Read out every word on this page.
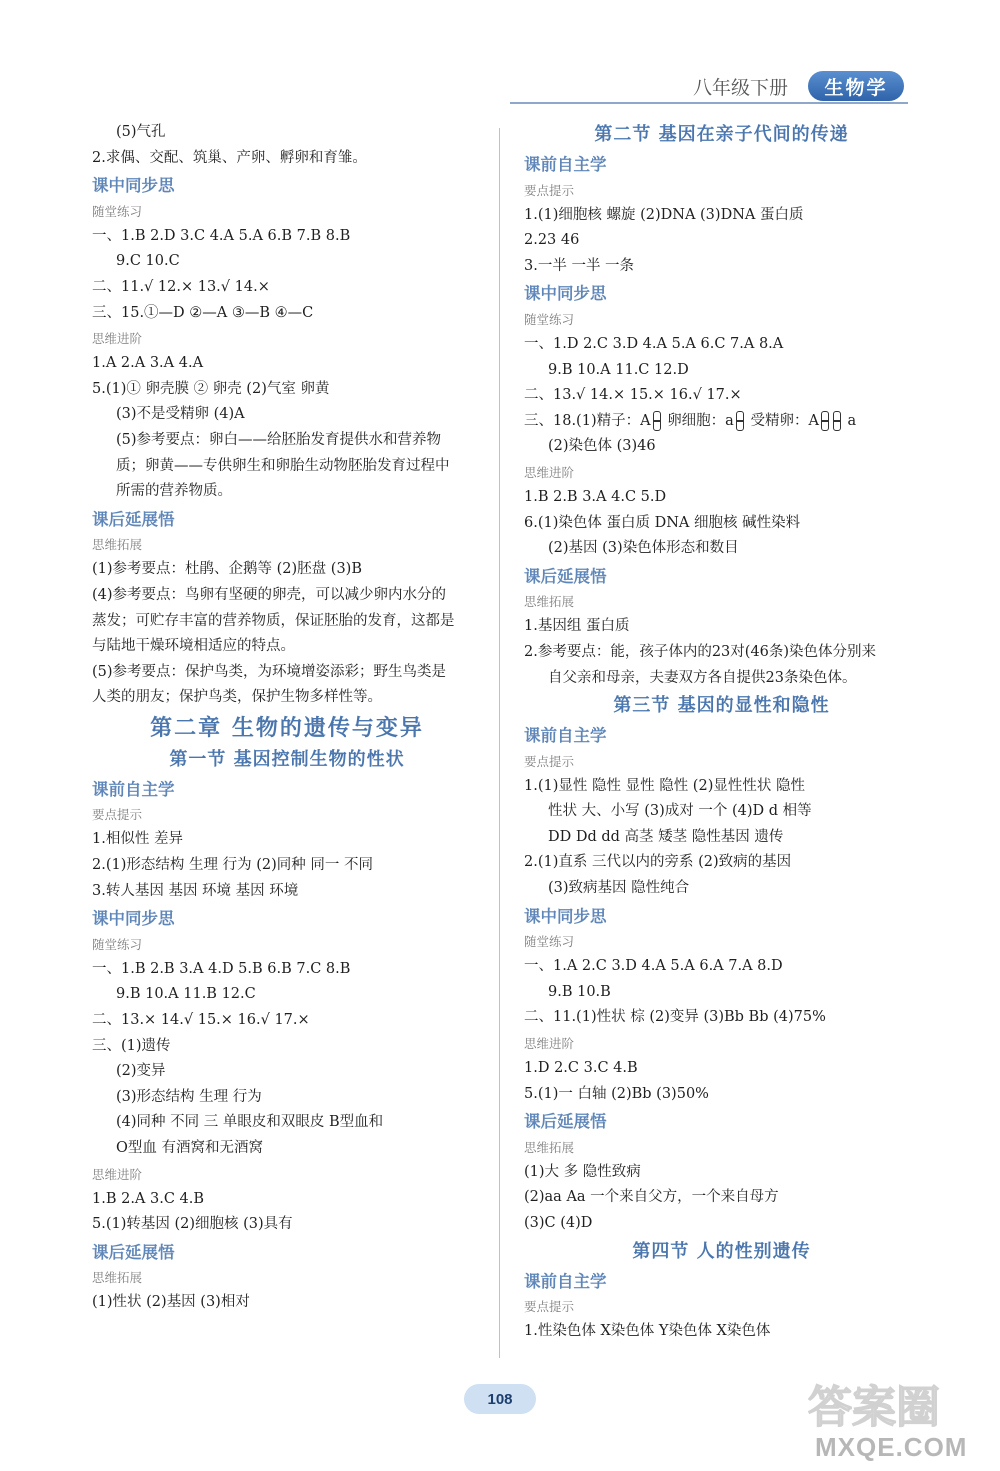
八年级下册	生物学
(5)气孔
2.求偶、交配、筑巢、产卵、孵卵和育雏。
课中同步思
随堂练习
一、1.B 2.D 3.C 4.A 5.A 6.B 7.B 8.B
9.C 10.C
二、11.√ 12.× 13.√ 14.×
三、15.①—D ②—A ③—B ④—C
思维进阶
1.A 2.A 3.A 4.A
5.(1)① 卵壳膜 ② 卵壳 (2)气室 卵黄
(3)不是受精卵 (4)A
(5)参考要点：卵白——给胚胎发育提供水和营养物
质；卵黄——专供卵生和卵胎生动物胚胎发育过程中
所需的营养物质。
课后延展悟
思维拓展
(1)参考要点：杜鹃、企鹅等 (2)胚盘 (3)B
(4)参考要点：鸟卵有坚硬的卵壳，可以减少卵内水分的
蒸发；可贮存丰富的营养物质，保证胚胎的发育，这都是
与陆地干燥环境相适应的特点。
(5)参考要点：保护鸟类，为环境增姿添彩；野生鸟类是
人类的朋友；保护鸟类，保护生物多样性等。
第二章 生物的遗传与变异
第一节 基因控制生物的性状
课前自主学
要点提示
1.相似性 差异
2.(1)形态结构 生理 行为 (2)同种 同一 不同
3.转人基因 基因 环境 基因 环境
课中同步思
随堂练习
一、1.B 2.B 3.A 4.D 5.B 6.B 7.C 8.B
9.B 10.A 11.B 12.C
二、13.× 14.√ 15.× 16.√ 17.×
三、(1)遗传
(2)变异
(3)形态结构 生理 行为
(4)同种 不同 三 单眼皮和双眼皮 B型血和
O型血 有酒窝和无酒窝
思维进阶
1.B 2.A 3.C 4.B
5.(1)转基因 (2)细胞核 (3)具有
课后延展悟
思维拓展
(1)性状 (2)基因 (3)相对
第二节 基因在亲子代间的传递
课前自主学
要点提示
1.(1)细胞核 螺旋 (2)DNA (3)DNA 蛋白质
2.23 46
3.一半 一半 一条
课中同步思
随堂练习
一、1.D 2.C 3.D 4.A 5.A 6.C 7.A 8.A
9.B 10.A 11.C 12.D
二、13.√ 14.× 15.× 16.√ 17.×
三、18.(1)精子：A 卵细胞：a 受精卵：A a
(2)染色体 (3)46
思维进阶
1.B 2.B 3.A 4.C 5.D
6.(1)染色体 蛋白质 DNA 细胞核 碱性染料
(2)基因 (3)染色体形态和数目
课后延展悟
思维拓展
1.基因组 蛋白质
2.参考要点：能，孩子体内的23对(46条)染色体分别来
自父亲和母亲，夫妻双方各自提供23条染色体。
第三节 基因的显性和隐性
课前自主学
要点提示
1.(1)显性 隐性 显性 隐性 (2)显性性状 隐性
性状 大、小写 (3)成对 一个 (4)D d 相等
DD Dd dd 高茎 矮茎 隐性基因 遗传
2.(1)直系 三代以内的旁系 (2)致病的基因
(3)致病基因 隐性纯合
课中同步思
随堂练习
一、1.A 2.C 3.D 4.A 5.A 6.A 7.A 8.D
9.B 10.B
二、11.(1)性状 棕 (2)变异 (3)Bb Bb (4)75%
思维进阶
1.D 2.C 3.C 4.B
5.(1)一 白轴 (2)Bb (3)50%
课后延展悟
思维拓展
(1)大 多 隐性致病
(2)aa Aa 一个来自父方，一个来自母方
(3)C (4)D
第四节 人的性别遗传
课前自主学
要点提示
1.性染色体 X染色体 Y染色体 X染色体
108	答案圈
MXQE.COM
